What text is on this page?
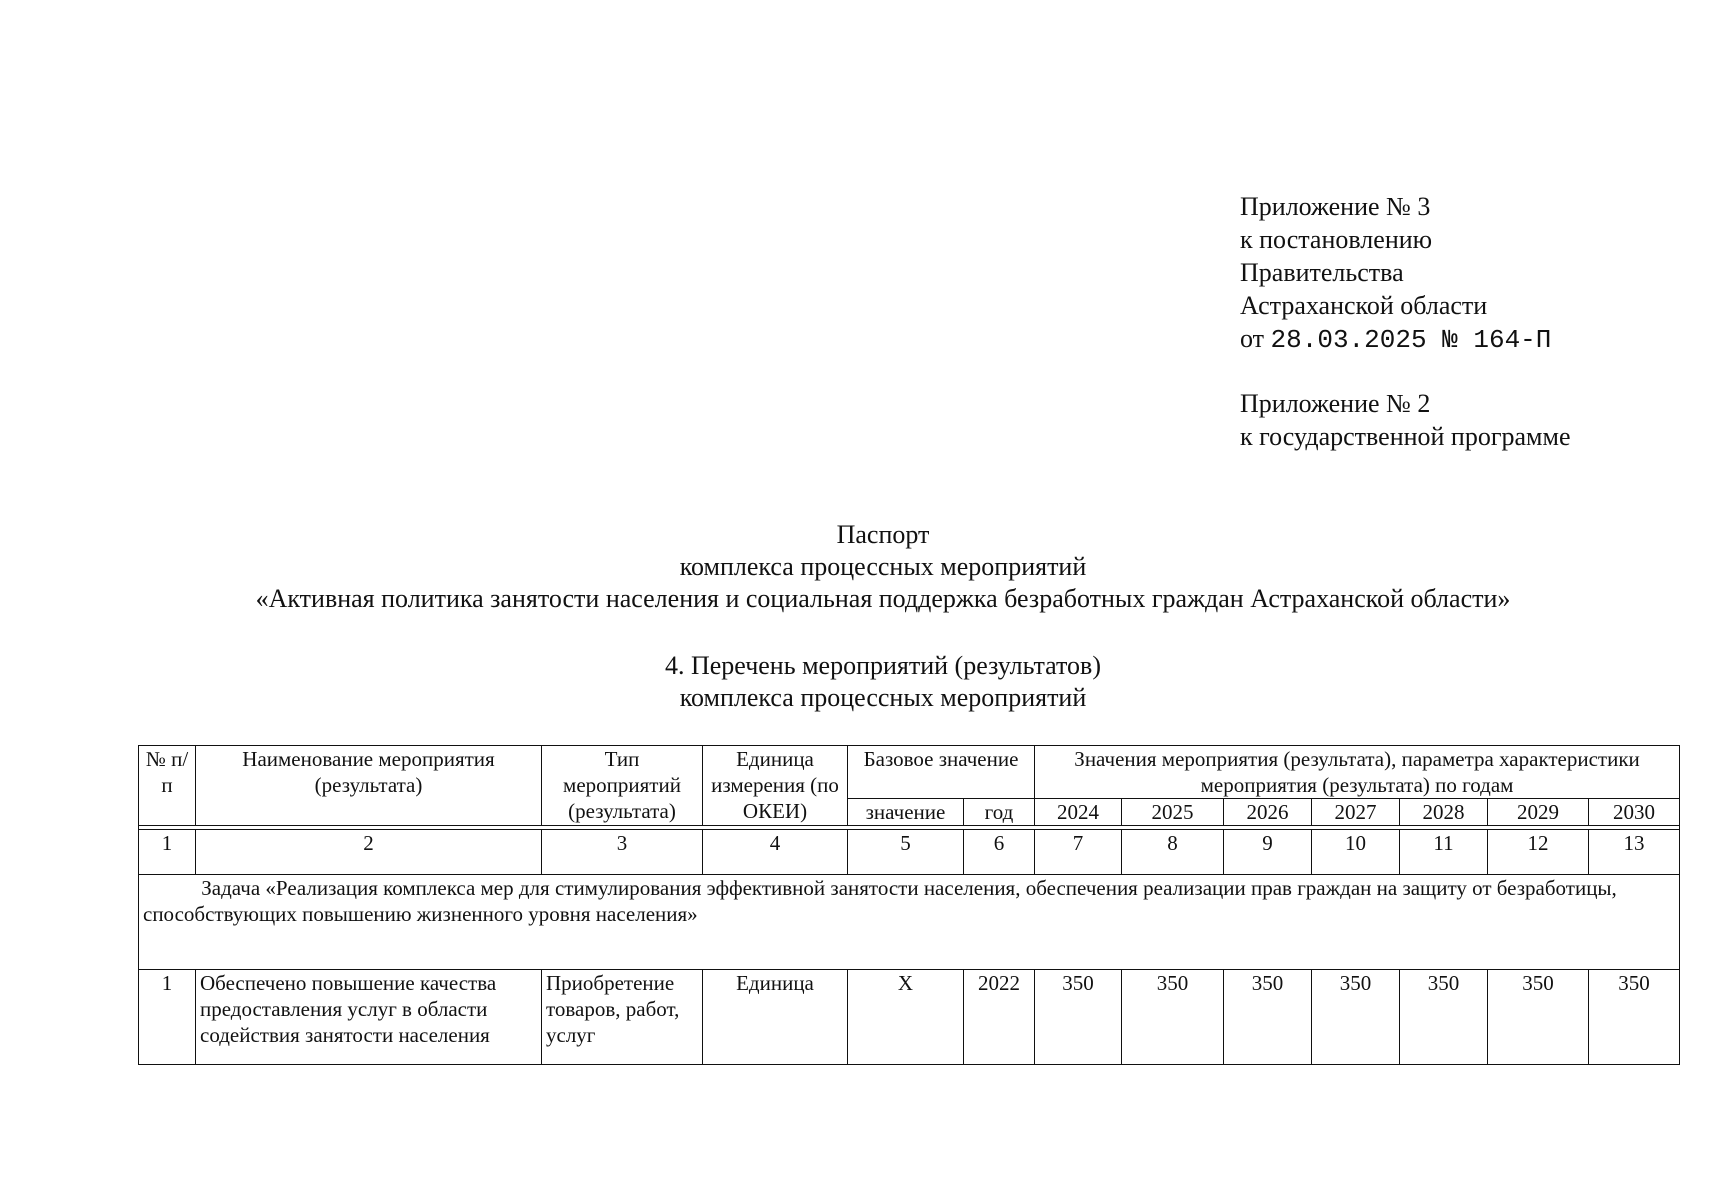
Приложение № 3
к постановлению
Правительства
Астраханской области
от 28.03.2025 № 164-П
Приложение № 2
к государственной программе
Паспорт
комплекса процессных мероприятий
«Активная политика занятости населения и социальная поддержка безработных граждан Астраханской области»
4. Перечень мероприятий (результатов)
комплекса процессных мероприятий
№ п/п	Наименование мероприятия (результата)	Тип мероприятий (результата)	Единица измерения (по ОКЕИ)	Базовое значение		Значения мероприятия (результата), параметра характеристики мероприятия (результата) по годам						
				значение	год	2024	2025	2026	2027	2028	2029	2030

1	2	3	4	5	6	7	8	9	10	11	12	13
Задача «Реализация комплекса мер для стимулирования эффективной занятости населения, обеспечения реализации прав граждан на защиту от безработицы, способствующих повышению жизненного уровня населения»												
1	Обеспечено повышение качества предоставления услуг в области содействия занятости населения	Приобретение товаров, работ, услуг	Единица	Х	2022	350	350	350	350	350	350	350
